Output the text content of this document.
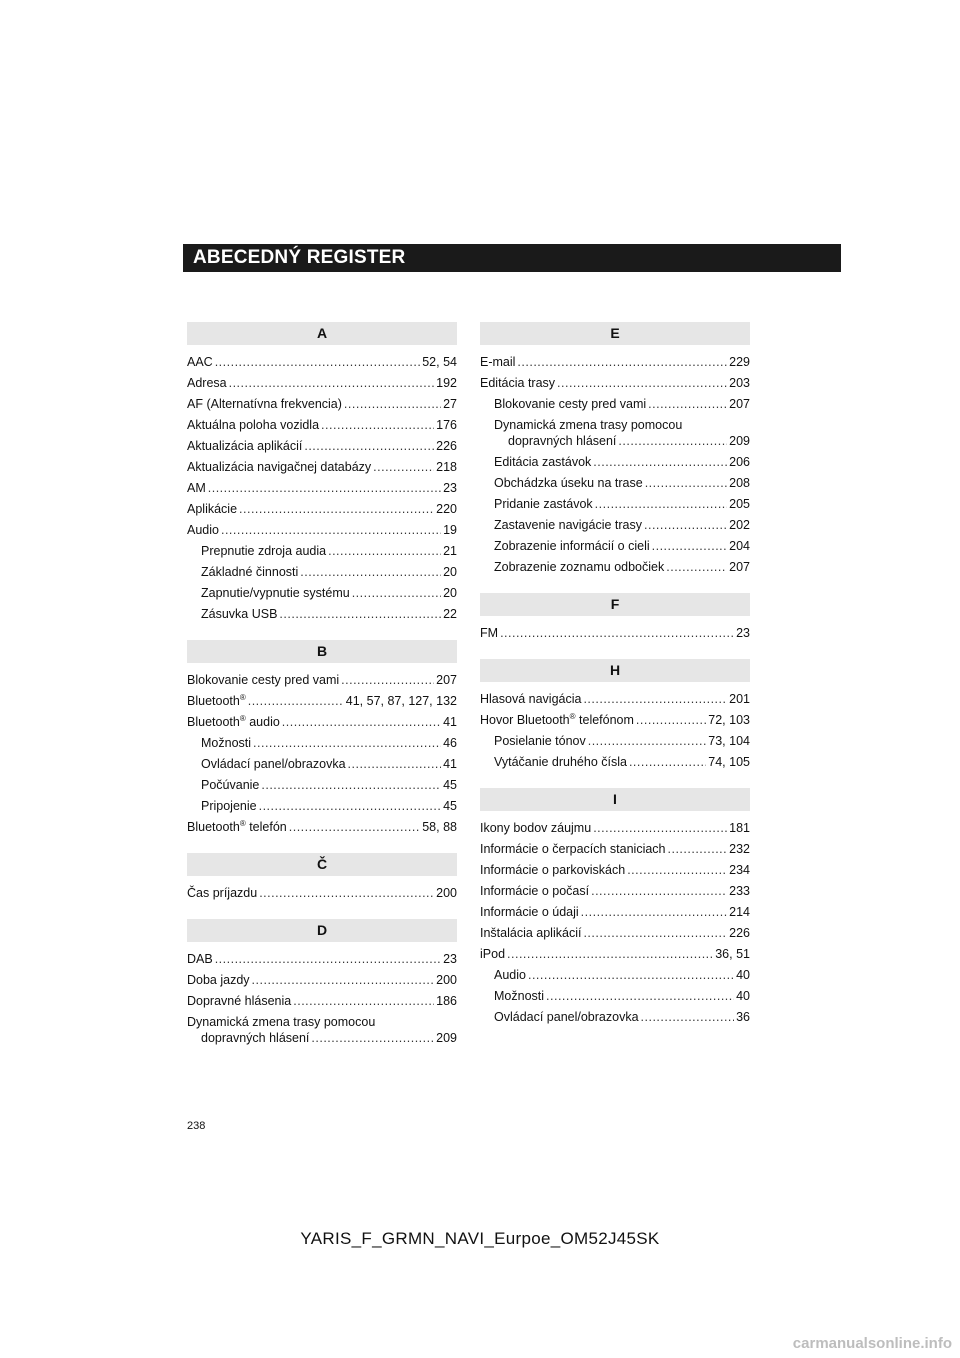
ABECEDNÝ REGISTER
A
AAC .....	52, 54
Adresa .....	192
AF (Alternatívna frekvencia) .....	27
Aktuálna poloha vozidla .....	176
Aktualizácia aplikácií .....	226
Aktualizácia navigačnej databázy .....	218
AM .....	23
Aplikácie .....	220
Audio .....	19
Prepnutie zdroja audia .....	21
Základné činnosti .....	20
Zapnutie/vypnutie systému .....	20
Zásuvka USB .....	22
B
Blokovanie cesty pred vami .....	207
Bluetooth® .....	41, 57, 87, 127, 132
Bluetooth® audio .....	41
Možnosti .....	46
Ovládací panel/obrazovka .....	41
Počúvanie .....	45
Pripojenie .....	45
Bluetooth® telefón .....	58, 88
Č
Čas príjazdu .....	200
D
DAB .....	23
Doba jazdy .....	200
Dopravné hlásenia .....	186
Dynamická zmena trasy pomocou
dopravných hlásení .....	209
E
E-mail .....	229
Editácia trasy .....	203
Blokovanie cesty pred vami .....	207
Dynamická zmena trasy pomocou
dopravných hlásení .....	209
Editácia zastávok .....	206
Obchádzka úseku na trase .....	208
Pridanie zastávok .....	205
Zastavenie navigácie trasy .....	202
Zobrazenie informácií o cieli .....	204
Zobrazenie zoznamu odbočiek .....	207
F
FM .....	23
H
Hlasová navigácia .....	201
Hovor Bluetooth® telefónom .....	72, 103
Posielanie tónov .....	73, 104
Vytáčanie druhého čísla .....	74, 105
I
Ikony bodov záujmu .....	181
Informácie o čerpacích staniciach .....	232
Informácie o parkoviskách .....	234
Informácie o počasí .....	233
Informácie o údaji .....	214
Inštalácia aplikácií .....	226
iPod .....	36, 51
Audio .....	40
Možnosti .....	40
Ovládací panel/obrazovka .....	36
238
YARIS_F_GRMN_NAVI_Eurpoe_OM52J45SK
carmanualsonline.info
